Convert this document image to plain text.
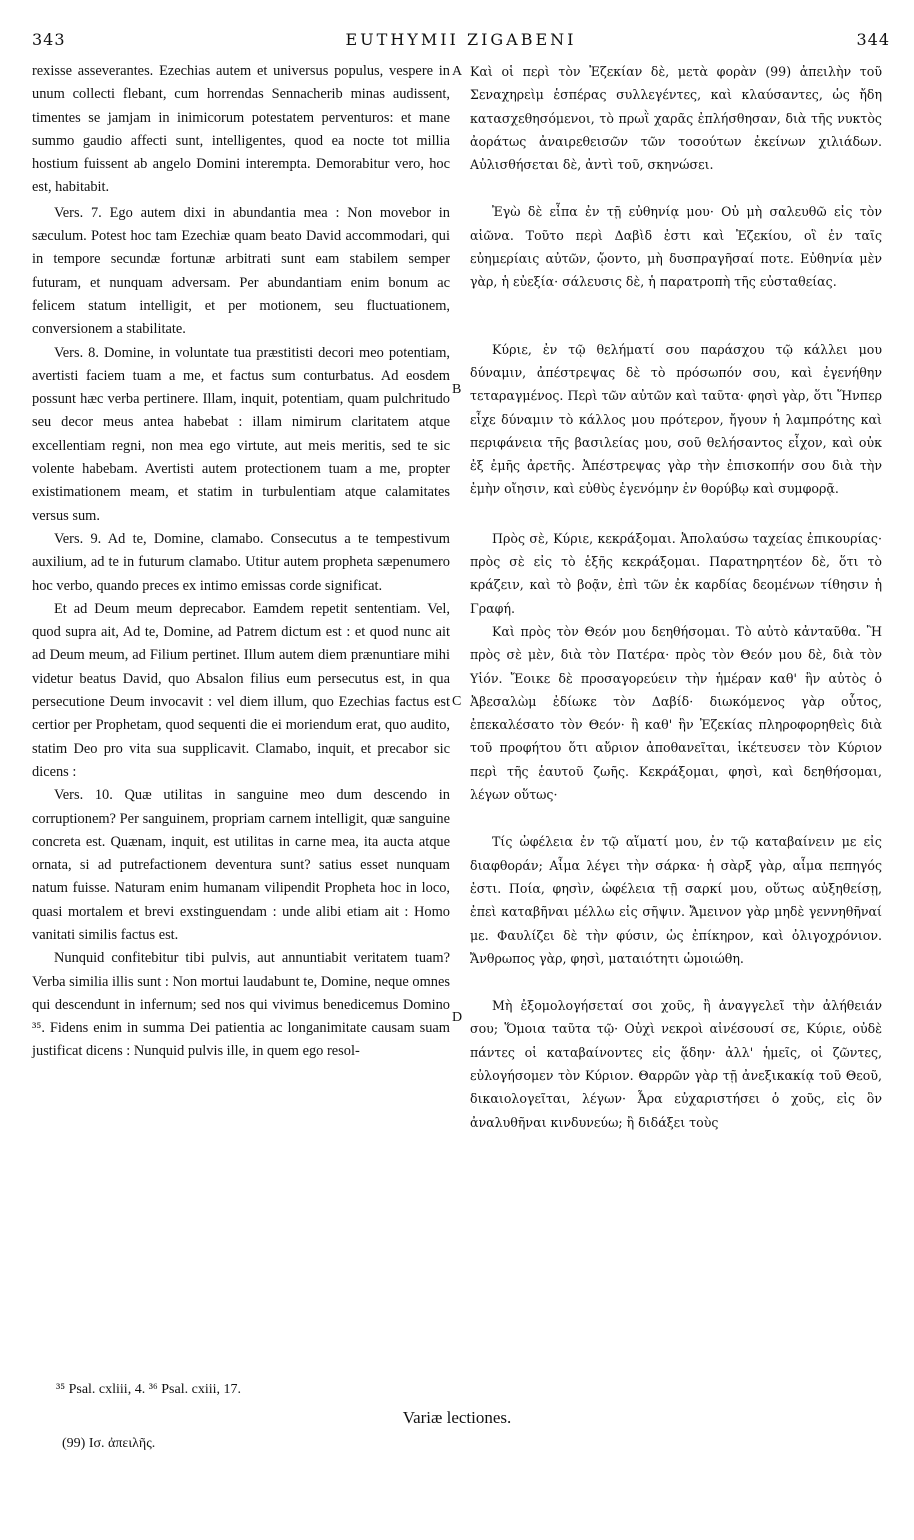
343	EUTHYMII ZIGABENI	344

rexisse asseverantes. Ezechias autem et universus populus, vespere in unum collecti flebant, cum horrendas Sennacherib minas audissent, timentes se jamjam in inimicorum potestatem perventuros: et mane summo gaudio affecti sunt, intelligentes, quod ea nocte tot millia hostium fuissent ab angelo Domini interempta. Demorabitur vero, hoc est, habitabit.

Vers. 7. Ego autem dixi in abundantia mea : Non movebor in sæculum. Potest hoc tam Ezechiæ quam beato David accommodari, qui in tempore secundæ fortunæ arbitrati sunt eam stabilem semper futuram, et nunquam adversam. Per abundantiam enim bonum ac felicem statum intelligit, et per motionem, seu fluctuationem, conversionem a stabilitate.

Vers. 8. Domine, in voluntate tua præstitisti decori meo potentiam, avertisti faciem tuam a me, et factus sum conturbatus. Ad eosdem possunt hæc verba pertinere. Illam, inquit, potentiam, quam pulchritudo seu decor meus antea habebat : illam nimirum claritatem atque excellentiam regni, non mea ego virtute, aut meis meritis, sed te sic volente habebam. Avertisti autem protectionem tuam a me, propter existimationem meam, et statim in turbulentiam atque calamitates versus sum.

Vers. 9. Ad te, Domine, clamabo. Consecutus a te tempestivum auxilium, ad te in futurum clamabo. Utitur autem propheta sæpenumero hoc verbo, quando preces ex intimo emissas corde significat.

Et ad Deum meum deprecabor. Eamdem repetit sententiam. Vel, quod supra ait, Ad te, Domine, ad Patrem dictum est : et quod nunc ait ad Deum meum, ad Filium pertinet. Illum autem diem prænuntiare mihi videtur beatus David, quo Absalon filius eum persecutus est, in qua persecutione Deum invocavit : vel diem illum, quo Ezechias factus est certior per Prophetam, quod sequenti die ei moriendum erat, quo audito, statim Deo pro vita sua supplicavit. Clamabo, inquit, et precabor sic dicens :

Vers. 10. Quæ utilitas in sanguine meo dum descendo in corruptionem? Per sanguinem, propriam carnem intelligit, quæ sanguine concreta est. Quænam, inquit, est utilitas in carne mea, ita aucta atque ornata, si ad putrefactionem deventura sunt? satius esset nunquam natum fuisse. Naturam enim humanam vilipendit Propheta hoc in loco, quasi mortalem et brevi exstinguendam : unde alibi etiam ait : Homo vanitati similis factus est.

Nunquid confitebitur tibi pulvis, aut annuntiabit veritatem tuam? Verba similia illis sunt : Non mortui laudabunt te, Domine, neque omnes qui descendunt in infernum; sed nos qui vivimus benedicemus Domino ³⁵. Fidens enim in summa Dei patientia ac longanimitate causam suam justificat dicens : Nunquid pulvis ille, in quem ego resol-

Καὶ οἱ περὶ τὸν Ἐζεκίαν δὲ, μετὰ φορὰν (99) ἀπειλὴν τοῦ Σεναχηρεὶμ ἑσπέρας συλλεγέντες, καὶ κλαύσαντες, ὡς ἤδη κατασχεθησόμενοι, τὸ πρωῒ χαρᾶς ἐπλήσθησαν, διὰ τῆς νυκτὸς ἀοράτως ἀναιρεθεισῶν τῶν τοσούτων ἐκείνων χιλιάδων. Αὐλισθήσεται δὲ, ἀντὶ τοῦ, σκηνώσει.

Ἐγὼ δὲ εἶπα ἐν τῇ εὐθηνίᾳ μου· Οὐ μὴ σαλευθῶ εἰς τὸν αἰῶνα. Τοῦτο περὶ Δαβὶδ ἐστι καὶ Ἐζεκίου, οἳ ἐν ταῖς εὐημερίαις αὐτῶν, ᾤοντο, μὴ δυσπραγῆσαί ποτε. Εὐθηνία μὲν γὰρ, ἡ εὐεξία· σάλευσις δὲ, ἡ παρατροπὴ τῆς εὐσταθείας.

Κύριε, ἐν τῷ θελήματί σου παράσχου τῷ κάλλει μου δύναμιν, ἀπέστρεψας δὲ τὸ πρόσωπόν σου, καὶ ἐγενήθην τεταραγμένος. Περὶ τῶν αὐτῶν καὶ ταῦτα· φησὶ γὰρ, ὅτι Ἥνπερ εἶχε δύναμιν τὸ κάλλος μου πρότερον, ἤγουν ἡ λαμπρότης καὶ περιφάνεια τῆς βασιλείας μου, σοῦ θελήσαντος εἶχον, καὶ οὐκ ἐξ ἐμῆς ἀρετῆς. Ἀπέστρεψας γὰρ τὴν ἐπισκοπήν σου διὰ τὴν ἐμὴν οἴησιν, καὶ εὐθὺς ἐγενόμην ἐν θορύβῳ καὶ συμφορᾷ.

Πρὸς σὲ, Κύριε, κεκράξομαι. Ἀπολαύσω ταχείας ἐπικουρίας· πρὸς σὲ εἰς τὸ ἑξῆς κεκράξομαι. Παρατηρητέον δὲ, ὅτι τὸ κράζειν, καὶ τὸ βοᾷν, ἐπὶ τῶν ἐκ καρδίας δεομένων τίθησιν ἡ Γραφή.

Καὶ πρὸς τὸν Θεόν μου δεηθήσομαι. Τὸ αὐτὸ κἀνταῦθα. Ἢ πρὸς σὲ μὲν, διὰ τὸν Πατέρα· πρὸς τὸν Θεόν μου δὲ, διὰ τὸν Υἱόν. Ἔοικε δὲ προσαγορεύειν τὴν ἡμέραν καθ' ἣν αὐτὸς ὁ Ἀβεσαλὼμ ἐδίωκε τὸν Δαβίδ· διωκόμενος γὰρ οὗτος, ἐπεκαλέσατο τὸν Θεόν· ἢ καθ' ἣν Ἐζεκίας πληροφορηθεὶς διὰ τοῦ προφήτου ὅτι αὔριον ἀποθανεῖται, ἱκέτευσεν τὸν Κύριον περὶ τῆς ἑαυτοῦ ζωῆς. Κεκράξομαι, φησὶ, καὶ δεηθήσομαι, λέγων οὕτως·

Τίς ὠφέλεια ἐν τῷ αἵματί μου, ἐν τῷ καταβαίνειν με εἰς διαφθοράν; Αἷμα λέγει τὴν σάρκα· ἡ σὰρξ γὰρ, αἷμα πεπηγός ἐστι. Ποία, φησὶν, ὠφέλεια τῇ σαρκί μου, οὕτως αὐξηθείσῃ, ἐπεὶ καταβῆναι μέλλω εἰς σῆψιν. Ἄμεινον γὰρ μηδὲ γεννηθῆναί με. Φαυλίζει δὲ τὴν φύσιν, ὡς ἐπίκηρον, καὶ ὀλιγοχρόνιον. Ἄνθρωπος γὰρ, φησὶ, ματαιότητι ὡμοιώθη.

Μὴ ἐξομολογήσεταί σοι χοῦς, ἢ ἀναγγελεῖ τὴν ἀλήθειάν σου; Ὅμοια ταῦτα τῷ· Οὐχὶ νεκροὶ αἰνέσουσί σε, Κύριε, οὐδὲ πάντες οἱ καταβαίνοντες εἰς ᾅδην· ἀλλ' ἡμεῖς, οἱ ζῶντες, εὐλογήσομεν τὸν Κύριον. Θαρρῶν γὰρ τῇ ἀνεξικακίᾳ τοῦ Θεοῦ, δικαιολογεῖται, λέγων· Ἆρα εὐχαριστήσει ὁ χοῦς, εἰς ὃν ἀναλυθῆναι κινδυνεύω; ἢ διδάξει τοὺς

A
B
C
D
³⁵ Psal. cxliii, 4. ³⁶ Psal. cxiii, 17.
Variæ lectiones.
(99) Ισ. ἀπειλῆς.
